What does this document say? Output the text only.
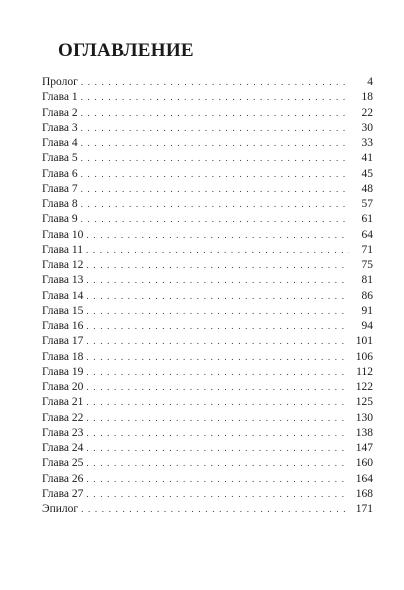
ОГЛАВЛЕНИЕ
Пролог . . .	4
Глава 1 . . .	18
Глава 2 . . .	22
Глава 3 . . .	30
Глава 4 . . .	33
Глава 5 . . .	41
Глава 6 . . .	45
Глава 7 . . .	48
Глава 8 . . .	57
Глава 9 . . .	61
Глава 10 . . .	64
Глава 11 . . .	71
Глава 12 . . .	75
Глава 13 . . .	81
Глава 14 . . .	86
Глава 15 . . .	91
Глава 16 . . .	94
Глава 17 . . .	101
Глава 18 . . .	106
Глава 19 . . .	112
Глава 20 . . .	122
Глава 21 . . .	125
Глава 22 . . .	130
Глава 23 . . .	138
Глава 24 . . .	147
Глава 25 . . .	160
Глава 26 . . .	164
Глава 27 . . .	168
Эпилог . . .	171
